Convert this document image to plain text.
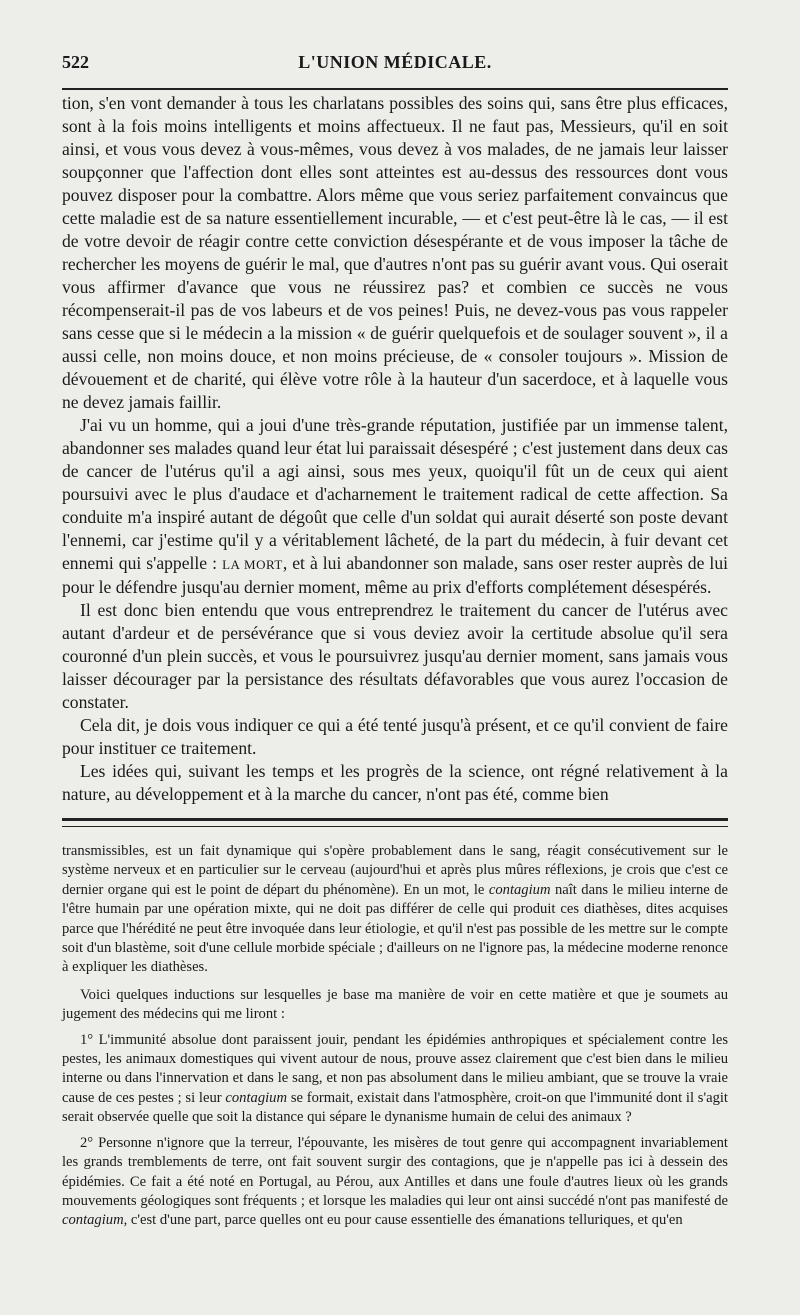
522	L'UNION MÉDICALE.

tion, s'en vont demander à tous les charlatans possibles des soins qui, sans être plus efficaces, sont à la fois moins intelligents et moins affectueux. Il ne faut pas, Messieurs, qu'il en soit ainsi, et vous vous devez à vous-mêmes, vous devez à vos malades, de ne jamais leur laisser soupçonner que l'affection dont elles sont atteintes est au-dessus des ressources dont vous pouvez disposer pour la combattre. Alors même que vous seriez parfaitement convaincus que cette maladie est de sa nature essentiellement incurable, — et c'est peut-être là le cas, — il est de votre devoir de réagir contre cette conviction désespérante et de vous imposer la tâche de rechercher les moyens de guérir le mal, que d'autres n'ont pas su guérir avant vous. Qui oserait vous affirmer d'avance que vous ne réussirez pas? et combien ce succès ne vous récompenserait-il pas de vos labeurs et de vos peines! Puis, ne devez-vous pas vous rappeler sans cesse que si le médecin a la mission « de guérir quelquefois et de soulager souvent », il a aussi celle, non moins douce, et non moins précieuse, de « consoler toujours ». Mission de dévouement et de charité, qui élève votre rôle à la hauteur d'un sacerdoce, et à laquelle vous ne devez jamais faillir.

J'ai vu un homme, qui a joui d'une très-grande réputation, justifiée par un immense talent, abandonner ses malades quand leur état lui paraissait désespéré ; c'est justement dans deux cas de cancer de l'utérus qu'il a agi ainsi, sous mes yeux, quoiqu'il fût un de ceux qui aient poursuivi avec le plus d'audace et d'acharnement le traitement radical de cette affection. Sa conduite m'a inspiré autant de dégoût que celle d'un soldat qui aurait déserté son poste devant l'ennemi, car j'estime qu'il y a véritablement lâcheté, de la part du médecin, à fuir devant cet ennemi qui s'appelle : LA MORT, et à lui abandonner son malade, sans oser rester auprès de lui pour le défendre jusqu'au dernier moment, même au prix d'efforts complétement désespérés.

Il est donc bien entendu que vous entreprendrez le traitement du cancer de l'utérus avec autant d'ardeur et de persévérance que si vous deviez avoir la certitude absolue qu'il sera couronné d'un plein succès, et vous le poursuivrez jusqu'au dernier moment, sans jamais vous laisser décourager par la persistance des résultats défavorables que vous aurez l'occasion de constater.

Cela dit, je dois vous indiquer ce qui a été tenté jusqu'à présent, et ce qu'il convient de faire pour instituer ce traitement.

Les idées qui, suivant les temps et les progrès de la science, ont régné relativement à la nature, au développement et à la marche du cancer, n'ont pas été, comme bien

transmissibles, est un fait dynamique qui s'opère probablement dans le sang, réagit consécutivement sur le système nerveux et en particulier sur le cerveau (aujourd'hui et après plus mûres réflexions, je crois que c'est ce dernier organe qui est le point de départ du phénomène). En un mot, le contagium naît dans le milieu interne de l'être humain par une opération mixte, qui ne doit pas différer de celle qui produit ces diathèses, dites acquises parce que l'hérédité ne peut être invoquée dans leur étiologie, et qu'il n'est pas possible de les mettre sur le compte soit d'un blastème, soit d'une cellule morbide spéciale ; d'ailleurs on ne l'ignore pas, la médecine moderne renonce à expliquer les diathèses.

Voici quelques inductions sur lesquelles je base ma manière de voir en cette matière et que je soumets au jugement des médecins qui me liront :

1° L'immunité absolue dont paraissent jouir, pendant les épidémies anthropiques et spécialement contre les pestes, les animaux domestiques qui vivent autour de nous, prouve assez clairement que c'est bien dans le milieu interne ou dans l'innervation et dans le sang, et non pas absolument dans le milieu ambiant, que se trouve la vraie cause de ces pestes ; si leur contagium se formait, existait dans l'atmosphère, croit-on que l'immunité dont il s'agit serait observée quelle que soit la distance qui sépare le dynanisme humain de celui des animaux ?

2° Personne n'ignore que la terreur, l'épouvante, les misères de tout genre qui accompagnent invariablement les grands tremblements de terre, ont fait souvent surgir des contagions, que je n'appelle pas ici à dessein des épidémies. Ce fait a été noté en Portugal, au Pérou, aux Antilles et dans une foule d'autres lieux où les grands mouvements géologiques sont fréquents ; et lorsque les maladies qui leur ont ainsi succédé n'ont pas manifesté de contagium, c'est d'une part, parce quelles ont eu pour cause essentielle des émanations telluriques, et qu'en
